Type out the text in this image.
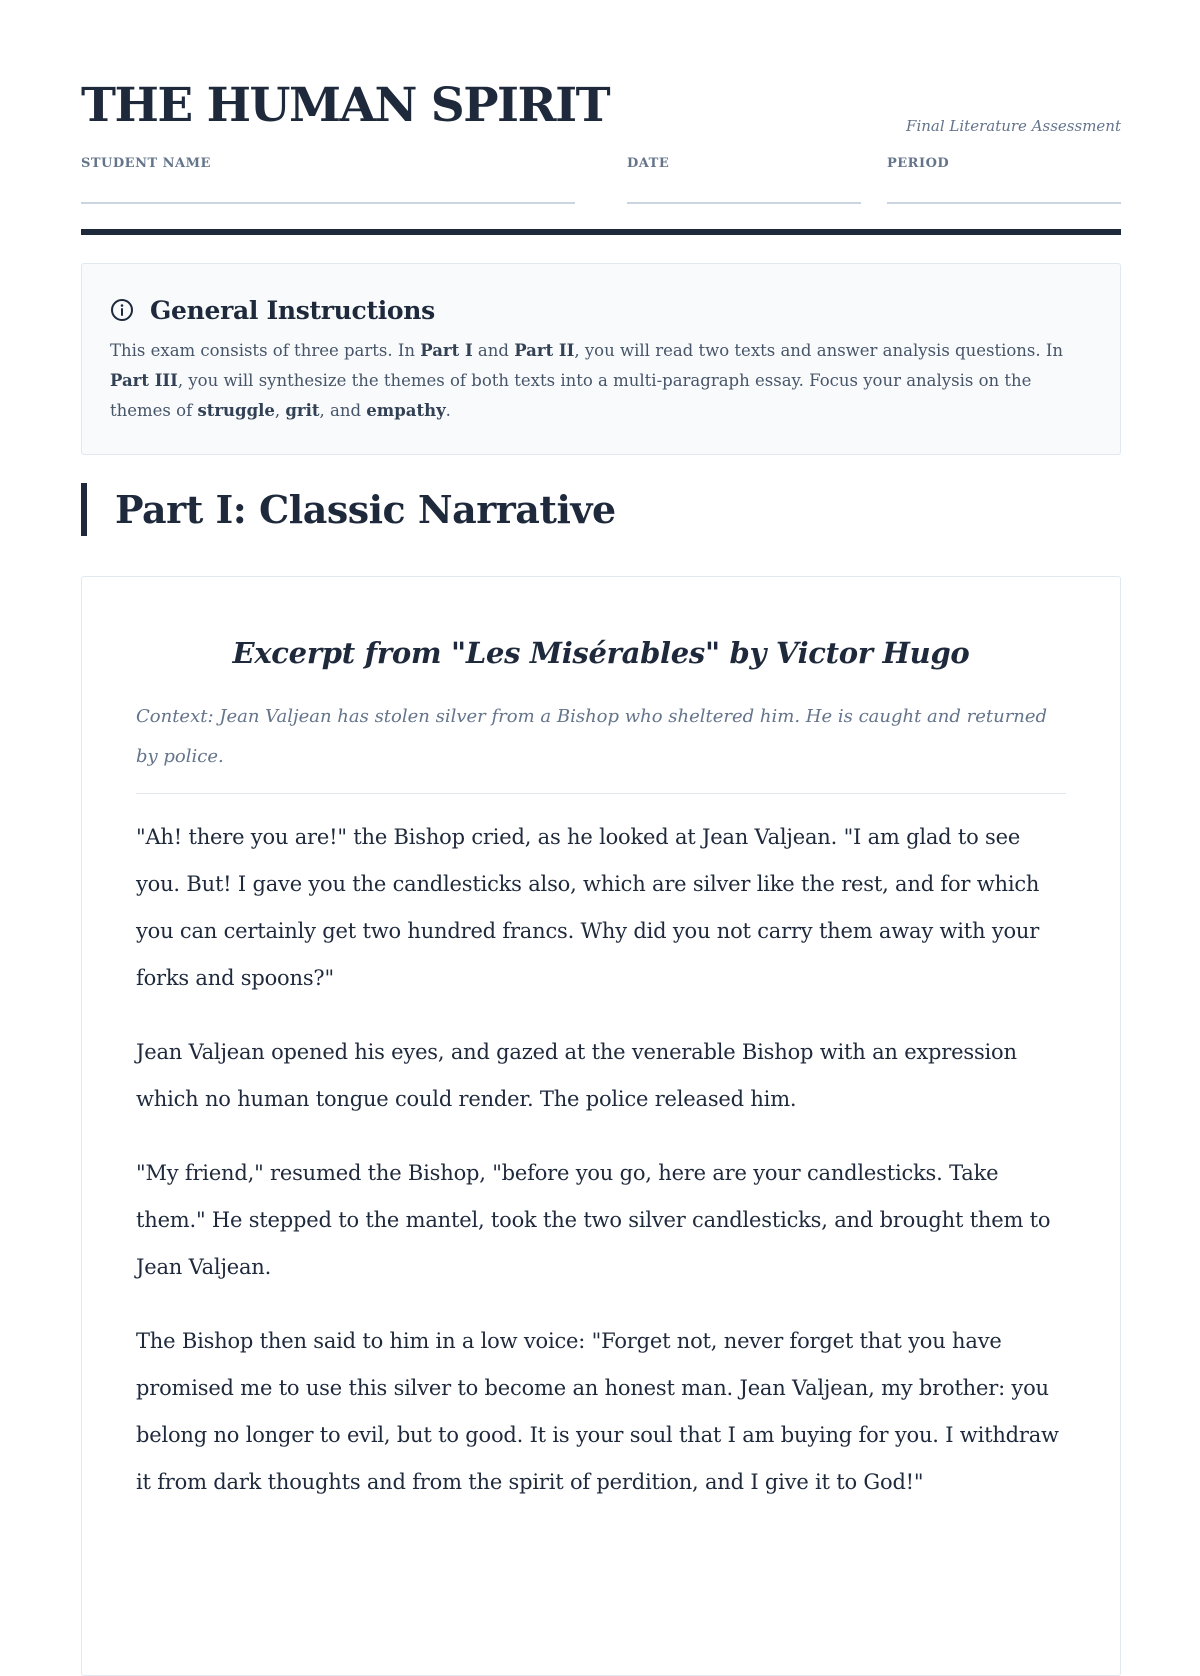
THE HUMAN SPIRIT	Final Literature Assessment
STUDENT NAME	DATE	PERIOD
General Instructions

This exam consists of three parts. In Part I and Part II, you will read two texts and answer analysis questions. In Part III, you will synthesize the themes of both texts into a multi-paragraph essay. Focus your analysis on the themes of struggle, grit, and empathy.

Part I: Classic Narrative
Excerpt from "Les Misérables" by Victor Hugo

Context: Jean Valjean has stolen silver from a Bishop who sheltered him. He is caught and returned by police.

"Ah! there you are!" the Bishop cried, as he looked at Jean Valjean. "I am glad to see you. But! I gave you the candlesticks also, which are silver like the rest, and for which you can certainly get two hundred francs. Why did you not carry them away with your forks and spoons?"

Jean Valjean opened his eyes, and gazed at the venerable Bishop with an expression which no human tongue could render. The police released him.

"My friend," resumed the Bishop, "before you go, here are your candlesticks. Take them." He stepped to the mantel, took the two silver candlesticks, and brought them to Jean Valjean.

The Bishop then said to him in a low voice: "Forget not, never forget that you have promised me to use this silver to become an honest man. Jean Valjean, my brother: you belong no longer to evil, but to good. It is your soul that I am buying for you. I withdraw it from dark thoughts and from the spirit of perdition, and I give it to God!"
